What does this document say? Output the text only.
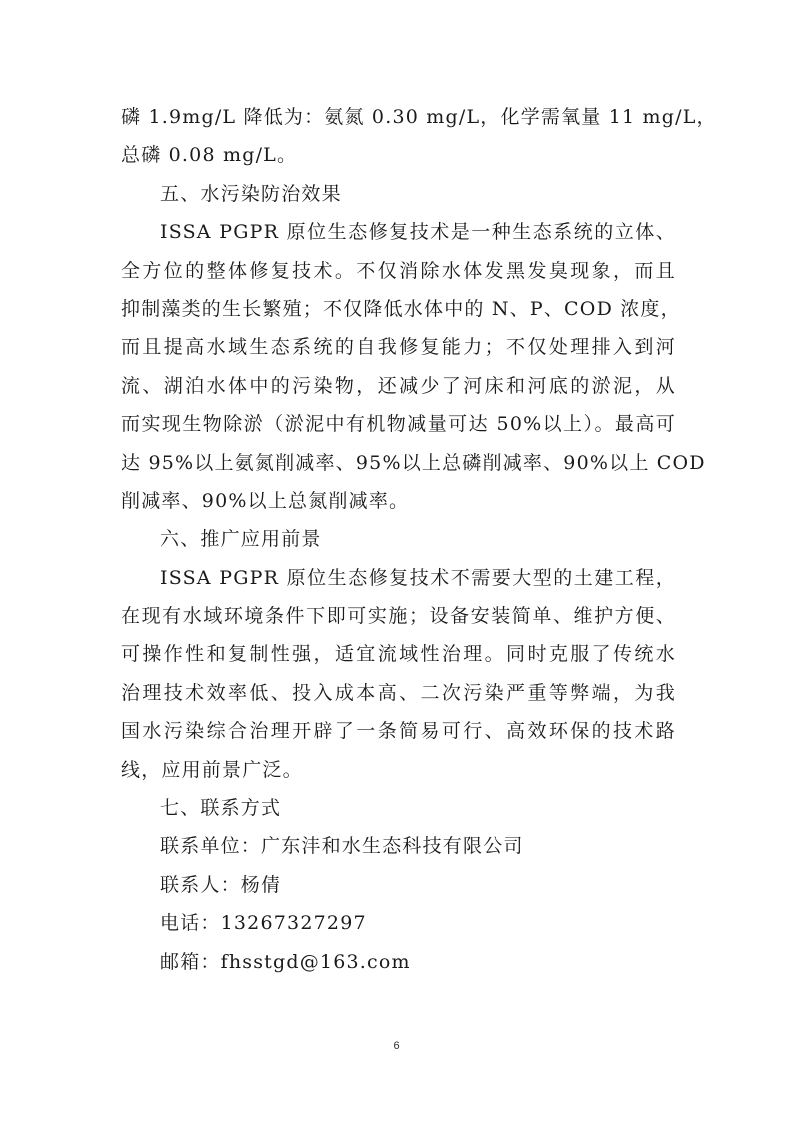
磷 1.9mg/L 降低为：氨氮 0.30 mg/L，化学需氧量 11 mg/L，
总磷 0.08 mg/L。
五、水污染防治效果
ISSA PGPR 原位生态修复技术是一种生态系统的立体、
全方位的整体修复技术。不仅消除水体发黑发臭现象，而且
抑制藻类的生长繁殖；不仅降低水体中的 N、P、COD 浓度，
而且提高水域生态系统的自我修复能力；不仅处理排入到河
流、湖泊水体中的污染物，还减少了河床和河底的淤泥，从
而实现生物除淤（淤泥中有机物减量可达 50%以上）。最高可
达 95%以上氨氮削减率、95%以上总磷削减率、90%以上 COD
削减率、90%以上总氮削减率。
六、推广应用前景
ISSA PGPR 原位生态修复技术不需要大型的土建工程，
在现有水域环境条件下即可实施；设备安装简单、维护方便、
可操作性和复制性强，适宜流域性治理。同时克服了传统水
治理技术效率低、投入成本高、二次污染严重等弊端，为我
国水污染综合治理开辟了一条简易可行、高效环保的技术路
线，应用前景广泛。
七、联系方式
联系单位：广东沣和水生态科技有限公司
联系人：杨倩
电话：13267327297
邮箱：fhsstgd@163.com
6
